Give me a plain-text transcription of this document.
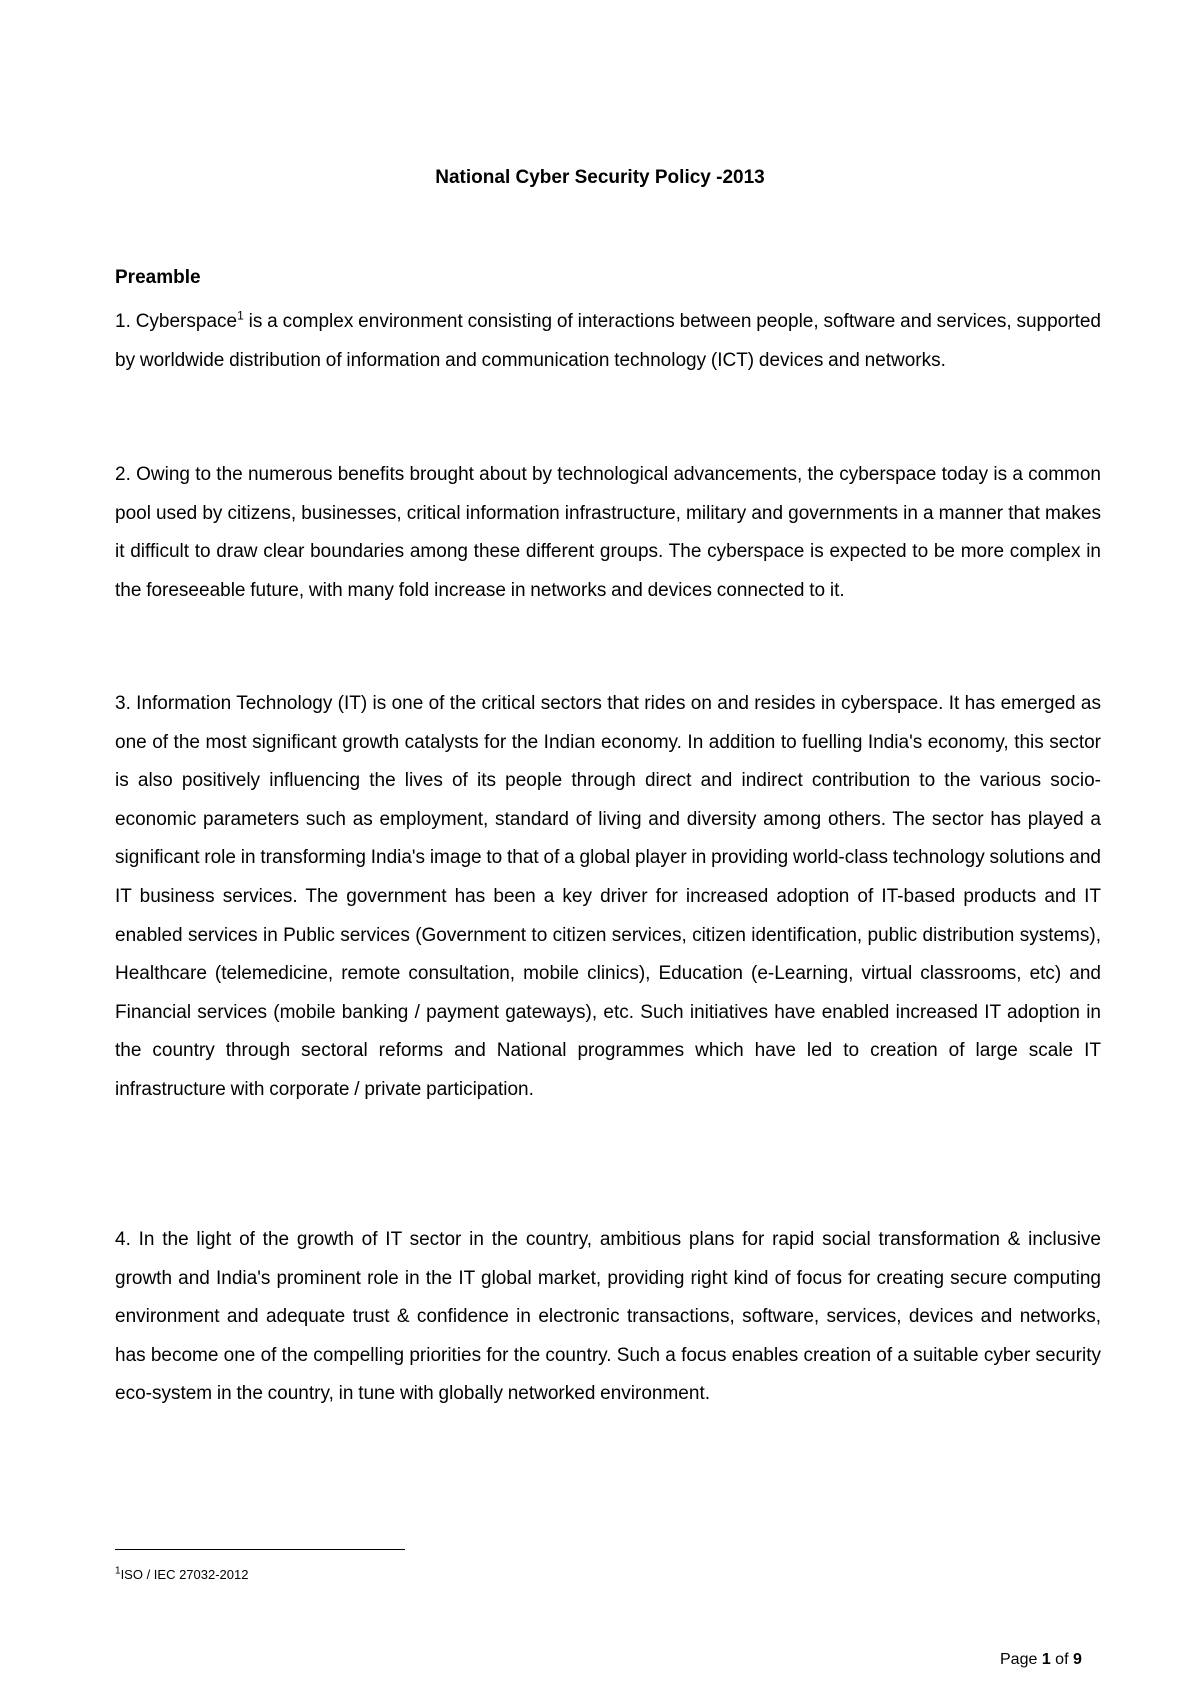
National Cyber Security Policy -2013
Preamble
1. Cyberspace$^1$ is a complex environment consisting of interactions between people, software and services, supported by worldwide distribution of information and communication technology (ICT) devices and networks.
2. Owing to the numerous benefits brought about by technological advancements, the cyberspace today is a common pool used by citizens, businesses, critical information infrastructure, military and governments in a manner that makes it difficult to draw clear boundaries among these different groups. The cyberspace is expected to be more complex in the foreseeable future, with many fold increase in networks and devices connected to it.
3. Information Technology (IT) is one of the critical sectors that rides on and resides in cyberspace. It has emerged as one of the most significant growth catalysts for the Indian economy. In addition to fuelling India's economy, this sector is also positively influencing the lives of its people through direct and indirect contribution to the various socio-economic parameters such as employment, standard of living and diversity among others. The sector has played a significant role in transforming India's image to that of a global player in providing world-class technology solutions and IT business services. The government has been a key driver for increased adoption of IT-based products and IT enabled services in Public services (Government to citizen services, citizen identification, public distribution systems), Healthcare (telemedicine, remote consultation, mobile clinics), Education (e-Learning, virtual classrooms, etc) and Financial services (mobile banking / payment gateways), etc. Such initiatives have enabled increased IT adoption in the country through sectoral reforms and National programmes which have led to creation of large scale IT infrastructure with corporate / private participation.
4. In the light of the growth of IT sector in the country, ambitious plans for rapid social transformation & inclusive growth and India's prominent role in the IT global market, providing right kind of focus for creating secure computing environment and adequate trust & confidence in electronic transactions, software, services, devices and networks, has become one of the compelling priorities for the country. Such a focus enables creation of a suitable cyber security eco-system in the country, in tune with globally networked environment.
$^1$ISO / IEC 27032-2012
Page 1 of 9
